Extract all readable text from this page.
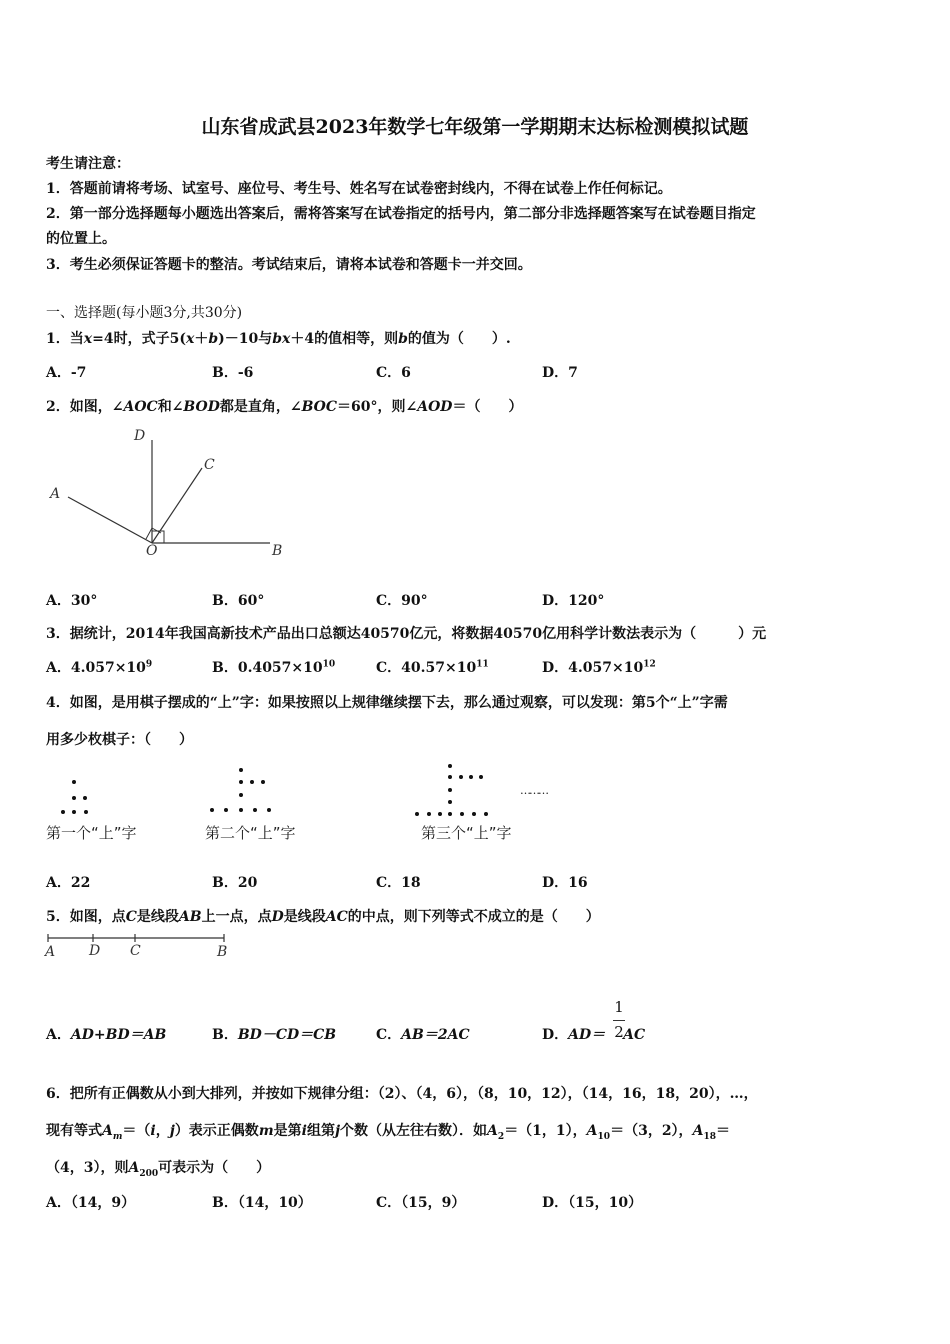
山东省成武县2023年数学七年级第一学期期末达标检测模拟试题
考生请注意：
1．答题前请将考场、试室号、座位号、考生号、姓名写在试卷密封线内，不得在试卷上作任何标记。
2．第一部分选择题每小题选出答案后，需将答案写在试卷指定的括号内，第二部分非选择题答案写在试卷题目指定
的位置上。
3．考生必须保证答题卡的整洁。考试结束后，请将本试卷和答题卡一并交回。
一、选择题(每小题3分,共30分)
1．当x=4时，式子5(x＋b)－10与bx＋4的值相等，则b的值为（　　）.
A．-7	B．-6	C．6	D．7
2．如图，∠AOC和∠BOD都是直角，∠BOC＝60°，则∠AOD＝（　　）
D
C
A
O	B
A．30°	B．60°	C．90°	D．120°
3．据统计，2014年我国高新技术产品出口总额达40570亿元，将数据40570亿用科学计数法表示为（　　　）元
A．$4.057\times 10^9$	B．$0.4057\times 10^{10}$	C．$40.57\times 10^{11}$	D．$4.057\times 10^{12}$
4．如图，是用棋子摆成的“上”字：如果按照以上规律继续摆下去，那么通过观察，可以发现：第5个“上”字需
用多少枚棋子：（　　）
第一个“上”字	第二个“上”字	第三个“上”字
………
A．22	B．20	C．18	D．16
5．如图，点C是线段AB上一点，点D是线段AC的中点，则下列等式不成立的是（　　）
A D C	B
A．AD+BD＝AB	B．BD－CD＝CB	C．AB＝2AC	D．AD＝ AC
1
2
6．把所有正偶数从小到大排列，并按如下规律分组：（2）、（4，6），（8，10，12），（14，16，18，20），…，
现有等式$A_m=(i$，j）表示正偶数m是第i组第j个数（从左往右数）．如$A_2=(1$，1），$A_{10}=(3$，2），$A_{18}=$
（4，3），则$A_{200}$可表示为（　　）
A．（14，9）	B．（14，10）	C．（15，9）	D．（15，10）
